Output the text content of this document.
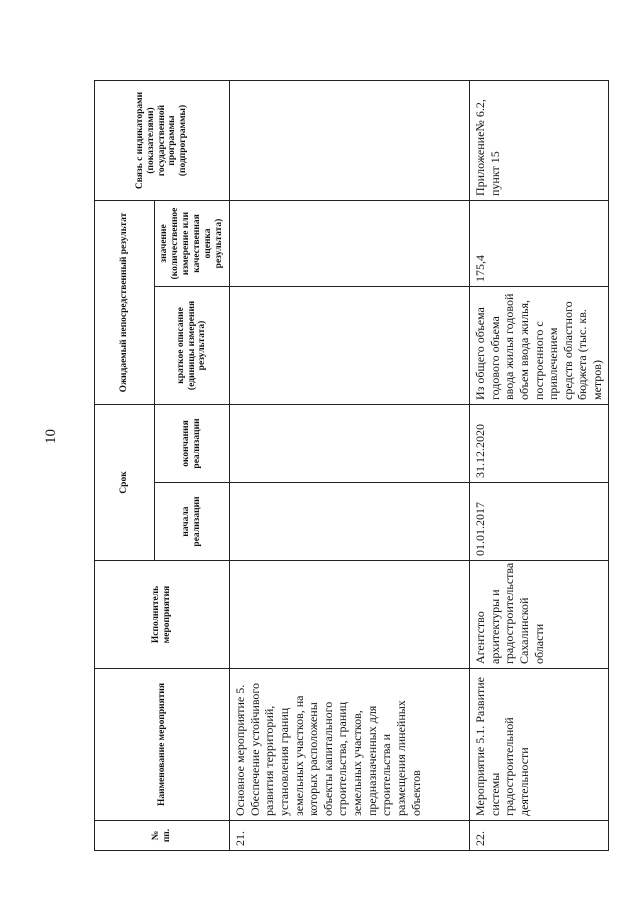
10
№ пп.	Наименование мероприятия	Исполнитель мероприятия	Срок		Ожидаемый непосредственный результат		Связь с индикаторами (показателями) государственной программы (подпрограммы)
			начала реализации	окончания реализации	краткое описание (единицы измерения результата)	значение (количественное измерение или качественная оценка результата)	
21.	Основное мероприятие 5. Обеспечение устойчивого развития территорий, установления границ земельных участков, на которых расположены объекты капитального строительства, границ земельных участков, предназначенных для строительства и размещения линейных объектов						
22.	Мероприятие 5.1. Развитие системы градостроительной деятельности	Агентство архитектуры и градостроительства Сахалинской области	01.01.2017	31.12.2020	Из общего объема годового объема ввода жилья годовой объем ввода жилья, построенного с привлечением средств областного бюджета (тыс. кв. метров)	175,4	Приложение№ 6.2, пункт 15
